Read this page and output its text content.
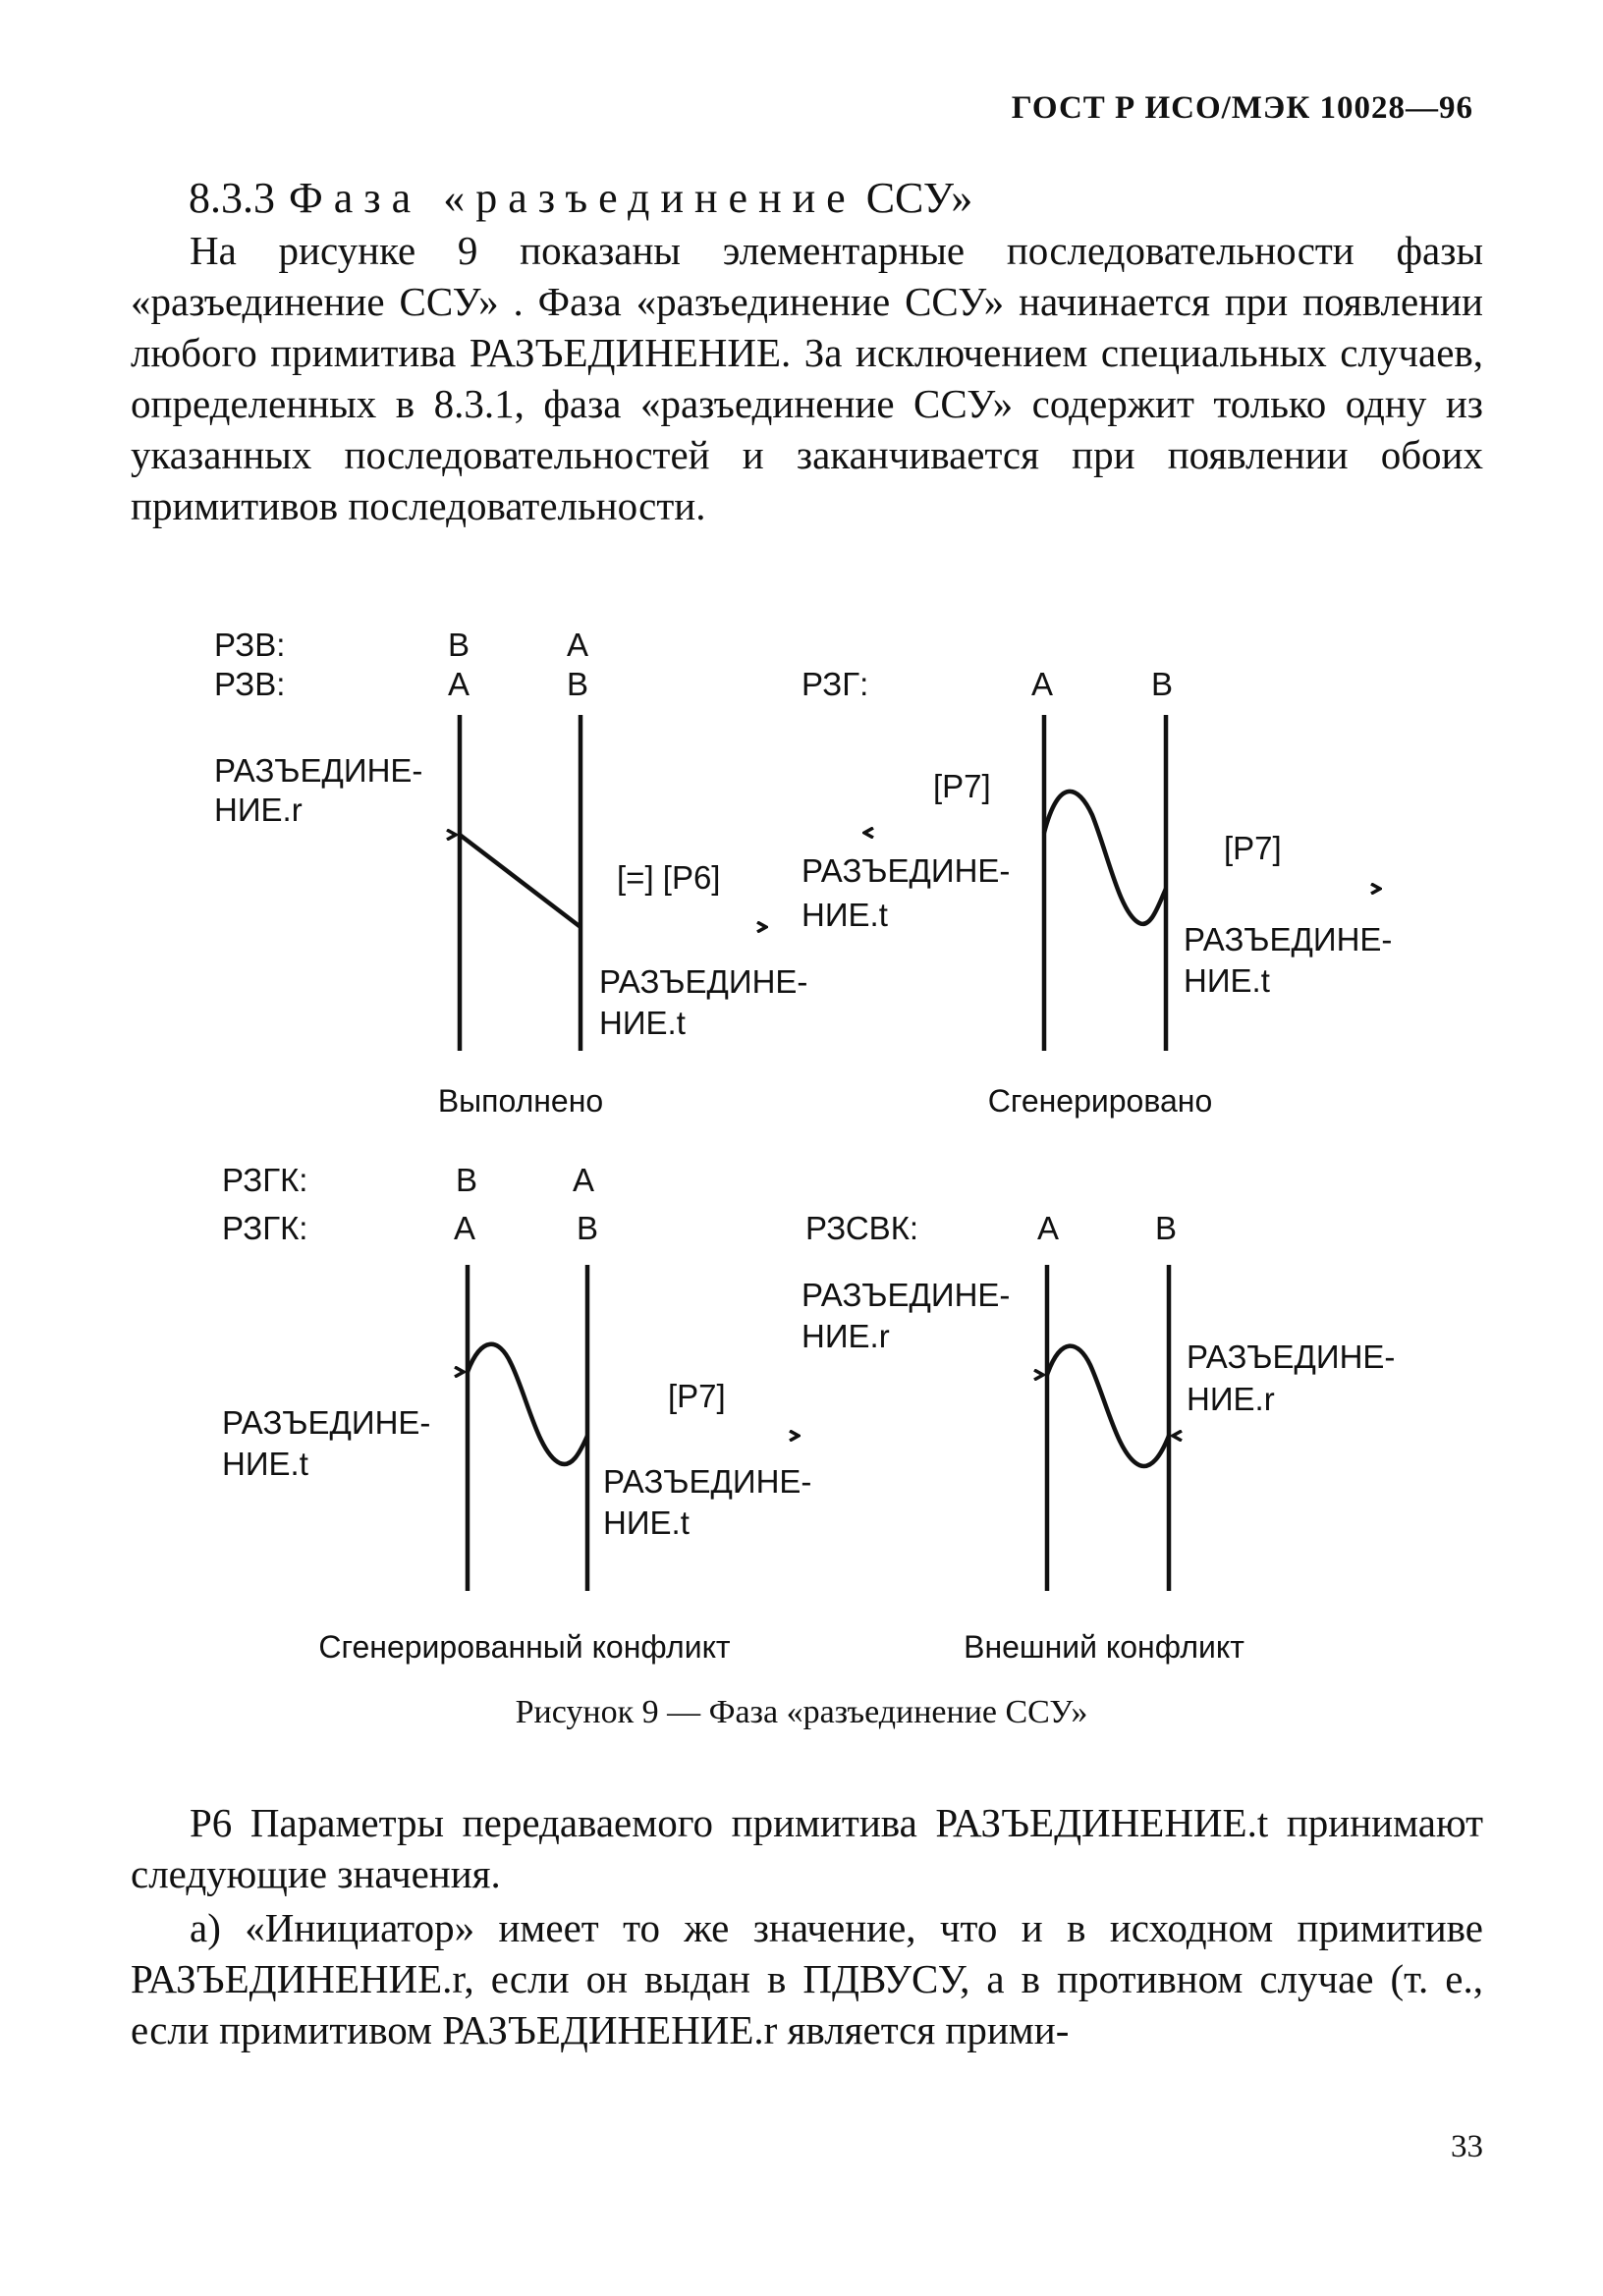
ГОСТ Р ИСО/МЭК 10028—96
8.3.3 Фаза «разъединение ССУ»
На рисунке 9 показаны элементарные последовательности фазы «разъединение ССУ» . Фаза «разъединение ССУ» начинается при появлении любого примитива РАЗЪЕДИНЕНИЕ. За исключением специальных случаев, определенных в 8.3.1, фаза «разъединение ССУ» содержит только одну из указанных последовательностей и заканчивается при появлении обоих примитивов последовательности.
РЗВ:	B	A
РЗВ:	A	B
РАЗЪЕДИНЕ-
НИЕ.r
[=] [P6]
РАЗЪЕДИНЕ-
НИЕ.t
Выполнено
РЗГ:	A	B
[P7]
РАЗЪЕДИНЕ-
НИЕ.t
[P7]
РАЗЪЕДИНЕ-
НИЕ.t
Сгенерировано
РЗГК:	B	A
РЗГК:	A	B
РАЗЪЕДИНЕ-
НИЕ.t
[P7]
РАЗЪЕДИНЕ-
НИЕ.t
Сгенерированный конфликт
РЗСВК:	A	B
РАЗЪЕДИНЕ-
НИЕ.r
РАЗЪЕДИНЕ-
НИЕ.r
Внешний конфликт
Рисунок 9 — Фаза «разъединение ССУ»
P6 Параметры передаваемого примитива РАЗЪЕДИНЕНИЕ.t принимают следующие значения.
а) «Инициатор» имеет то же значение, что и в исходном примитиве РАЗЪЕДИНЕНИЕ.r, если он выдан в ПДВУСУ, а в противном случае (т. е., если примитивом РАЗЪЕДИНЕНИЕ.r является прими-
33
